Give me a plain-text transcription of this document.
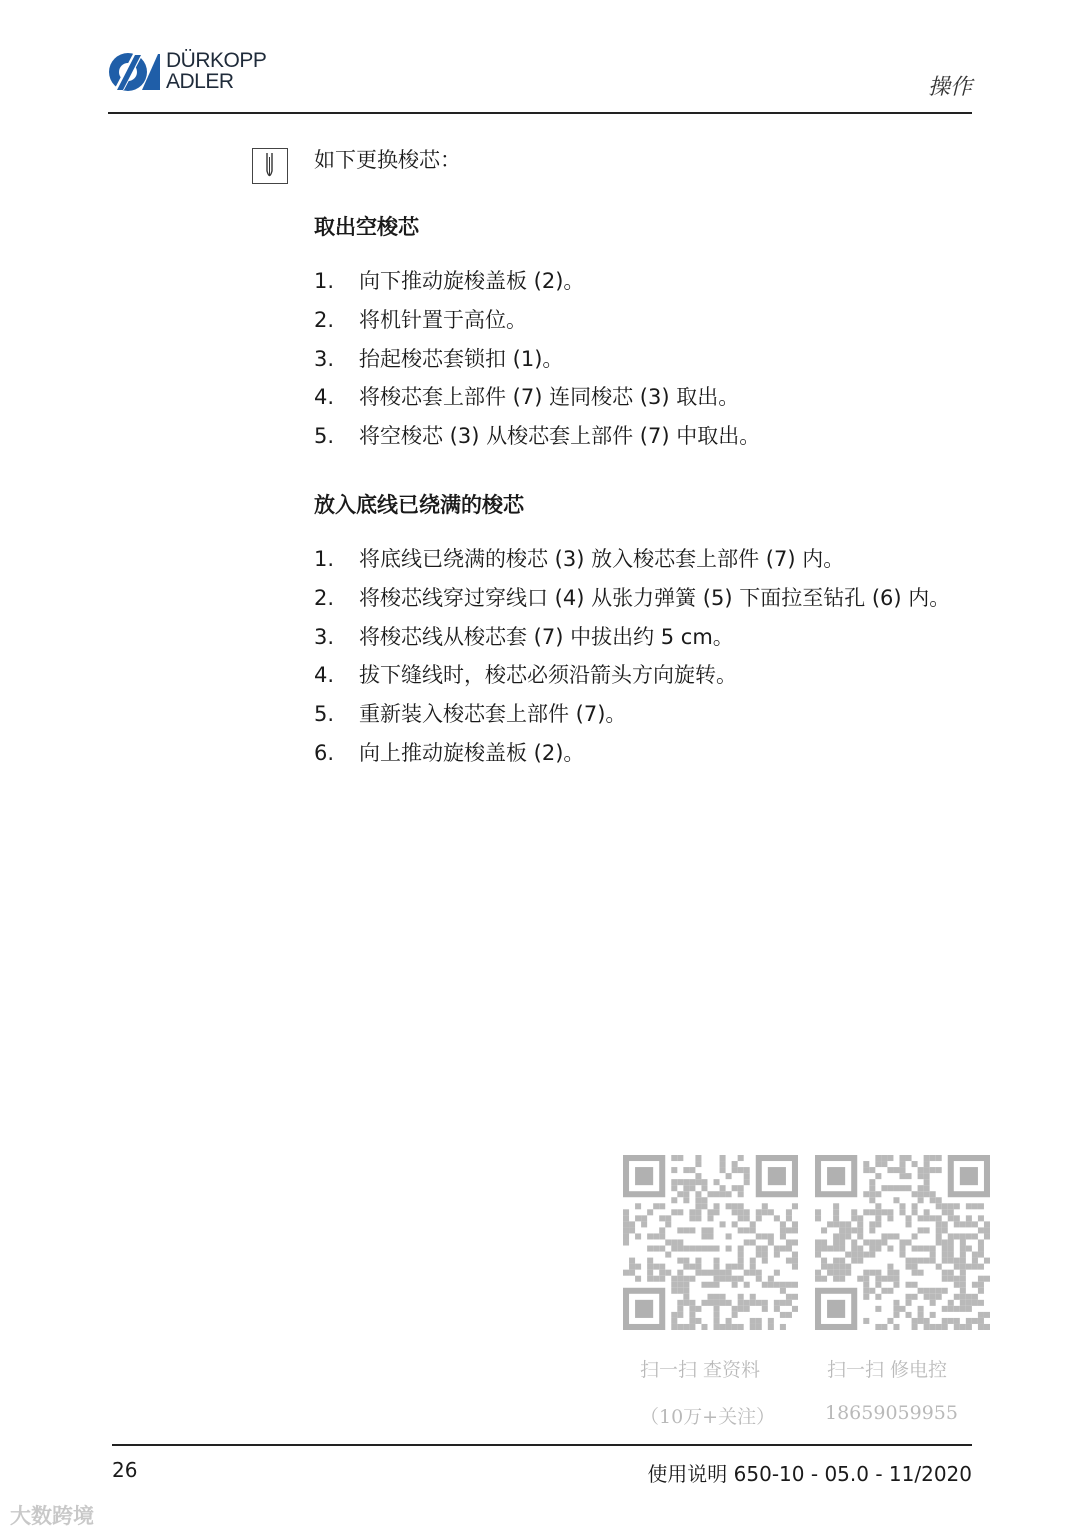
DÜRKOPP
ADLER	操作
如下更换梭芯：
取出空梭芯
1. 向下推动旋梭盖板 (2)。
2. 将机针置于高位。
3. 抬起梭芯套锁扣 (1)。
4. 将梭芯套上部件 (7) 连同梭芯 (3) 取出。
5. 将空梭芯 (3) 从梭芯套上部件 (7) 中取出。
放入底线已绕满的梭芯
1. 将底线已绕满的梭芯 (3) 放入梭芯套上部件 (7) 内。
2. 将梭芯线穿过穿线口 (4) 从张力弹簧 (5) 下面拉至钻孔 (6) 内。
3. 将梭芯线从梭芯套 (7) 中拔出约 5 cm。
4. 拔下缝线时，梭芯必须沿箭头方向旋转。
5. 重新装入梭芯套上部件 (7)。
6. 向上推动旋梭盖板 (2)。
扫一扫 查资料
（10万+关注）
扫一扫 修电控
18659059955
26	使用说明 650-10 - 05.0 - 11/2020
大数跨境
